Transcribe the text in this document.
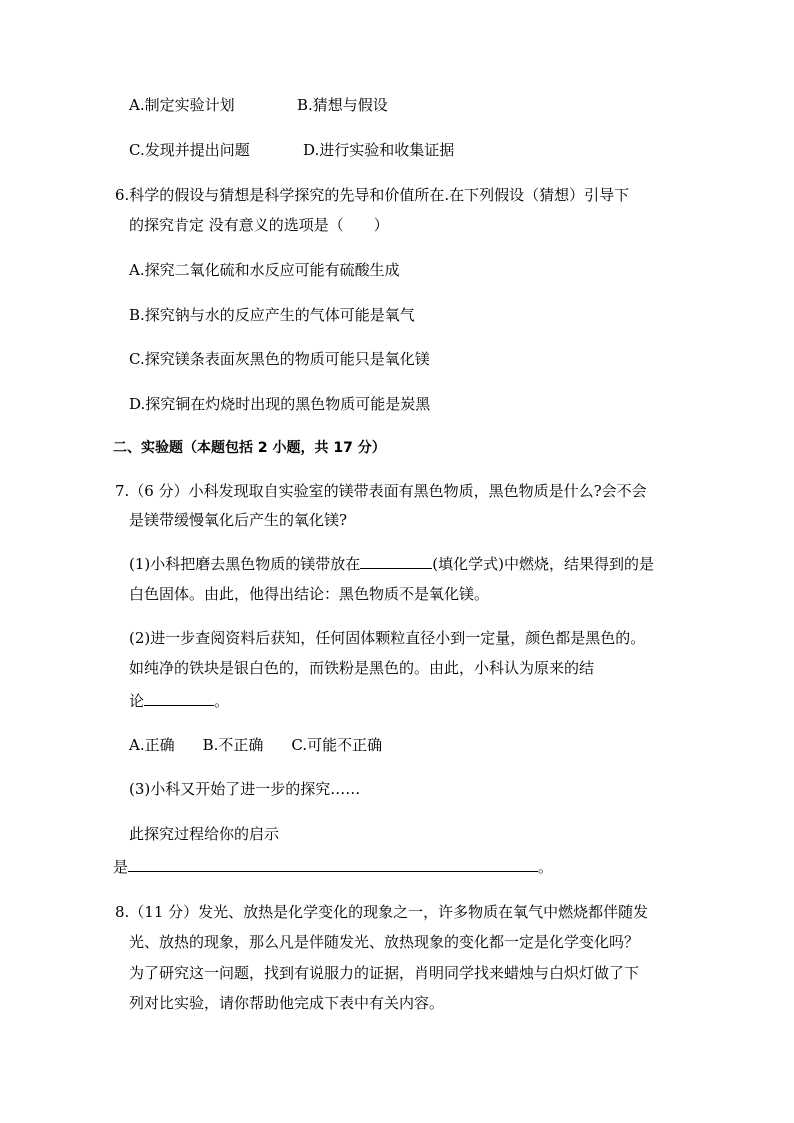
A.制定实验计划	B.猜想与假设
C.发现并提出问题	D.进行实验和收集证据
6.科学的假设与猜想是科学探究的先导和价值所在.在下列假设（猜想）引导下
的探究肯定 没有意义的选项是（　　）
A.探究二氧化硫和水反应可能有硫酸生成
B.探究钠与水的反应产生的气体可能是氧气
C.探究镁条表面灰黑色的物质可能只是氧化镁
D.探究铜在灼烧时出现的黑色物质可能是炭黑
二、实验题（本题包括 2 小题，共 17 分）
7.（6 分）小科发现取自实验室的镁带表面有黑色物质，黑色物质是什么?会不会
是镁带缓慢氧化后产生的氧化镁?
(1)小科把磨去黑色物质的镁带放在	(填化学式)中燃烧，结果得到的是
白色固体。由此，他得出结论：黑色物质不是氧化镁。
(2)进一步查阅资料后获知，任何固体颗粒直径小到一定量，颜色都是黑色的。
如纯净的铁块是银白色的，而铁粉是黑色的。由此，小科认为原来的结
论	。
A.正确 B.不正确 C.可能不正确
(3)小科又开始了进一步的探究……
此探究过程给你的启示
是	。
8.（11 分）发光、放热是化学变化的现象之一，许多物质在氧气中燃烧都伴随发
光、放热的现象，那么凡是伴随发光、放热现象的变化都一定是化学变化吗？
为了研究这一问题，找到有说服力的证据，肖明同学找来蜡烛与白炽灯做了下
列对比实验，请你帮助他完成下表中有关内容。
